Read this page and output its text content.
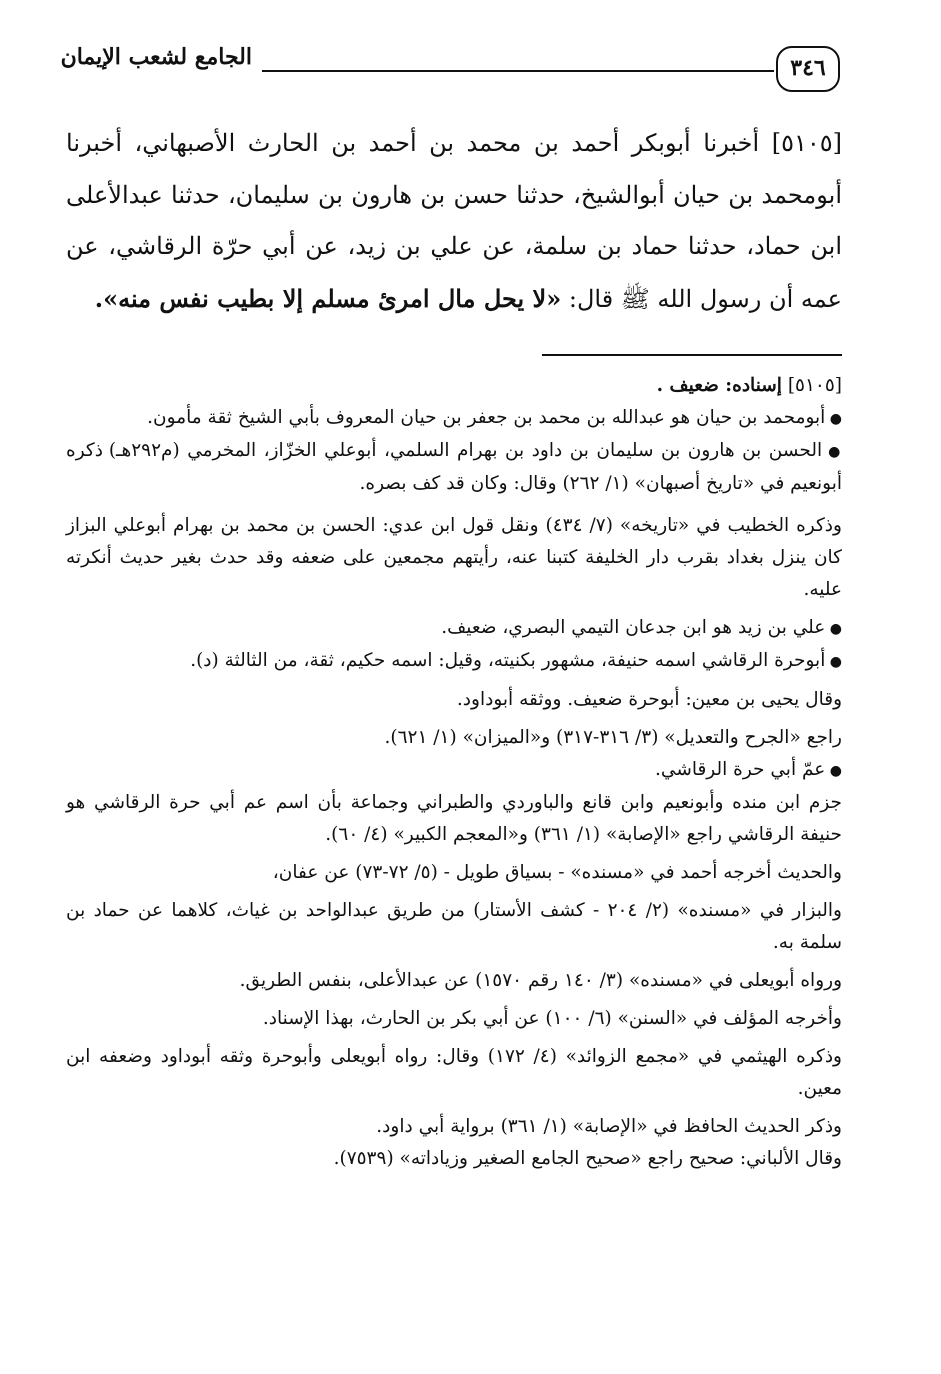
٣٤٦
الجامع لشعب الإيمان
[٥١٠٥] أخبرنا أبوبكر أحمد بن محمد بن أحمد بن الحارث الأصبهاني، أخبرنا أبومحمد بن حيان أبوالشيخ، حدثنا حسن بن هارون بن سليمان، حدثنا عبدالأعلى ابن حماد، حدثنا حماد بن سلمة، عن علي بن زيد، عن أبي حرّة الرقاشي، عن عمه أن رسول الله ﷺ قال: «لا يحل مال امرئ مسلم إلا بطيب نفس منه».

[٥١٠٥] إسناده: ضعيف .

● أبومحمد بن حيان هو عبدالله بن محمد بن جعفر بن حيان المعروف بأبي الشيخ ثقة مأمون.

● الحسن بن هارون بن سليمان بن داود بن بهرام السلمي، أبوعلي الخزّاز، المخرمي (م٢٩٢هـ) ذكره أبونعيم في «تاريخ أصبهان» (١/ ٢٦٢) وقال: وكان قد كف بصره.

وذكره الخطيب في «تاريخه» (٧/ ٤٣٤) ونقل قول ابن عدي: الحسن بن محمد بن بهرام أبوعلي البزاز كان ينزل بغداد بقرب دار الخليفة كتبنا عنه، رأيتهم مجمعين على ضعفه وقد حدث بغير حديث أنكرته عليه.

● علي بن زيد هو ابن جدعان التيمي البصري، ضعيف.

● أبوحرة الرقاشي اسمه حنيفة، مشهور بكنيته، وقيل: اسمه حكيم، ثقة، من الثالثة (د).

وقال يحيى بن معين: أبوحرة ضعيف. ووثقه أبوداود.

راجع «الجرح والتعديل» (٣/ ٣١٦-٣١٧) و«الميزان» (١/ ٦٢١).

● عمّ أبي حرة الرقاشي.

جزم ابن منده وأبونعيم وابن قانع والباوردي والطبراني وجماعة بأن اسم عم أبي حرة الرقاشي هو حنيفة الرقاشي راجع «الإصابة» (١/ ٣٦١) و«المعجم الكبير» (٤/ ٦٠).

والحديث أخرجه أحمد في «مسنده» - بسياق طويل - (٥/ ٧٢-٧٣) عن عفان،

والبزار في «مسنده» (٢/ ٢٠٤ - كشف الأستار) من طريق عبدالواحد بن غياث، كلاهما عن حماد بن سلمة به.

ورواه أبويعلى في «مسنده» (٣/ ١٤٠ رقم ١٥٧٠) عن عبدالأعلى، بنفس الطريق.

وأخرجه المؤلف في «السنن» (٦/ ١٠٠) عن أبي بكر بن الحارث، بهذا الإسناد.

وذكره الهيثمي في «مجمع الزوائد» (٤/ ١٧٢) وقال: رواه أبويعلى وأبوحرة وثقه أبوداود وضعفه ابن معين.

وذكر الحديث الحافظ في «الإصابة» (١/ ٣٦١) برواية أبي داود.

وقال الألباني: صحيح راجع «صحيح الجامع الصغير وزياداته» (٧٥٣٩).
